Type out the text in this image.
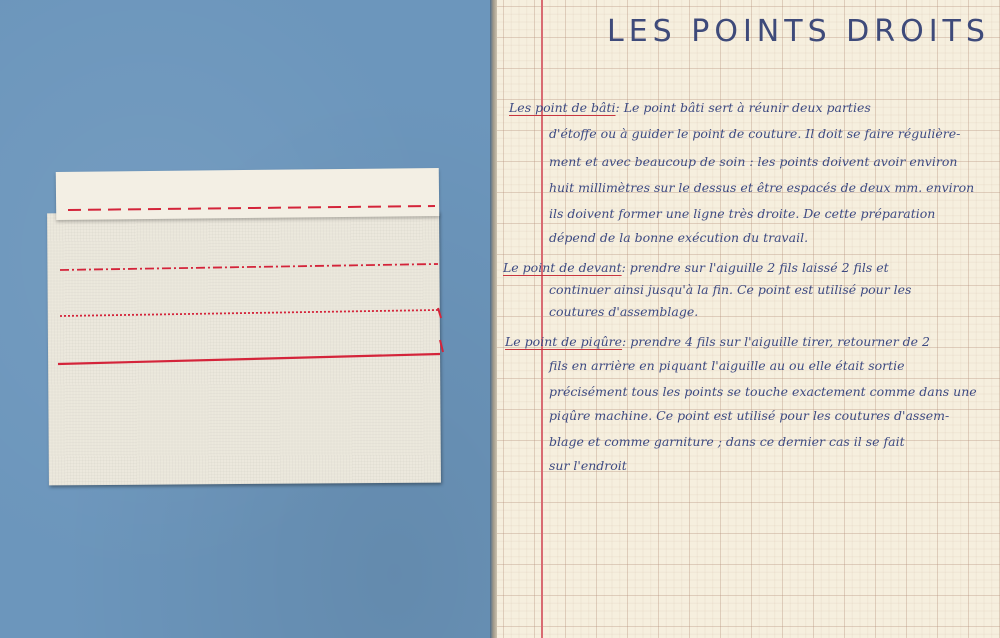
LES POINTS DROITS
Les point de bâti: Le point bâti sert à réunir deux parties
d'étoffe ou à guider le point de couture. Il doit se faire régulière-
ment et avec beaucoup de soin : les points doivent avoir environ
huit millimètres sur le dessus et être espacés de deux mm. environ
ils doivent former une ligne très droite. De cette préparation
dépend de la bonne exécution du travail.
Le point de devant: prendre sur l'aiguille 2 fils laissé 2 fils et
continuer ainsi jusqu'à la fin. Ce point est utilisé pour les
coutures d'assemblage.
Le point de piqûre: prendre 4 fils sur l'aiguille tirer, retourner de 2
fils en arrière en piquant l'aiguille au ou elle était sortie
précisément tous les points se touche exactement comme dans une
piqûre machine. Ce point est utilisé pour les coutures d'assem-
blage et comme garniture ; dans ce dernier cas il se fait
sur l'endroit
